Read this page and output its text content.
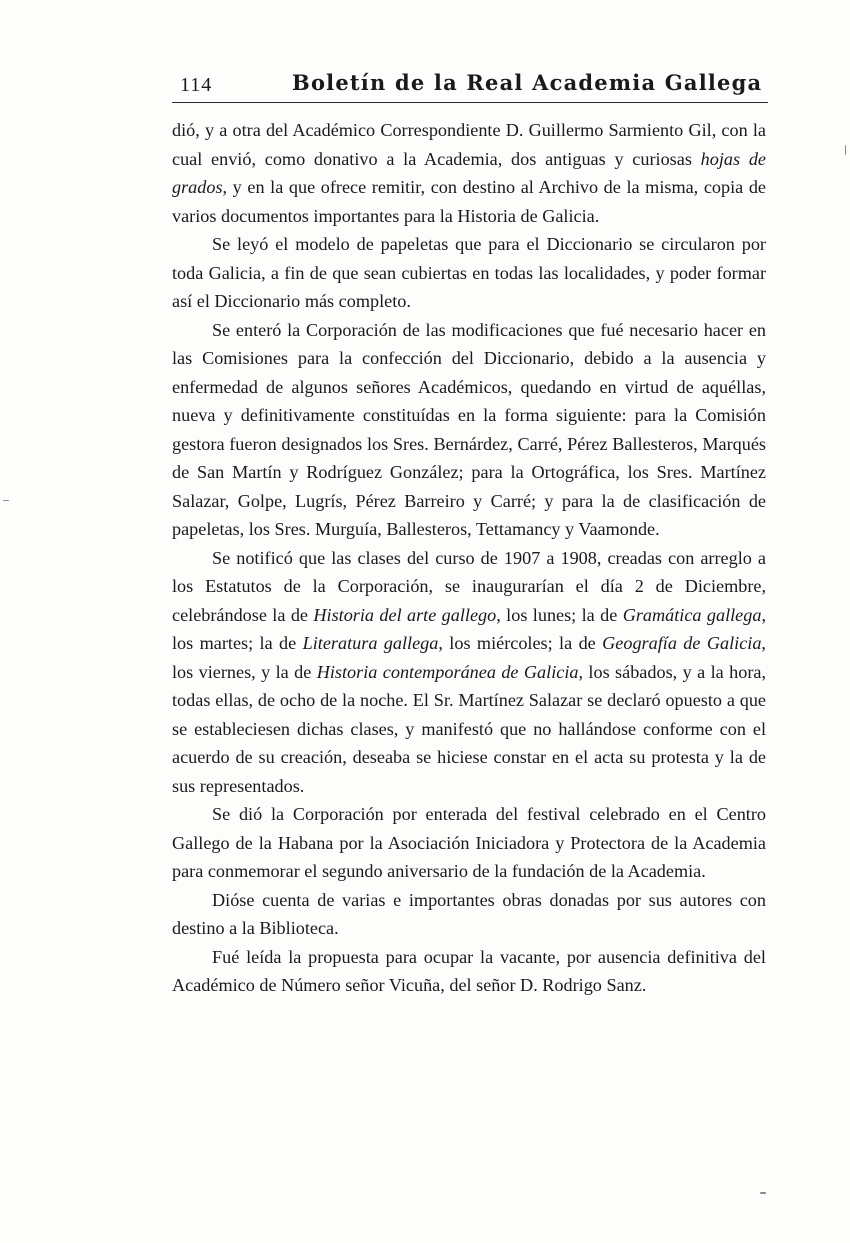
114	Boletín de la Real Academia Gallega

dió, y a otra del Académico Correspondiente D. Guillermo Sarmiento Gil, con la cual envió, como donativo a la Academia, dos antiguas y curiosas hojas de grados, y en la que ofrece remitir, con destino al Archivo de la misma, copia de varios documentos importantes para la Historia de Galicia.

Se leyó el modelo de papeletas que para el Diccionario se circularon por toda Galicia, a fin de que sean cubiertas en todas las localidades, y poder formar así el Diccionario más completo.

Se enteró la Corporación de las modificaciones que fué necesario hacer en las Comisiones para la confección del Diccionario, debido a la ausencia y enfermedad de algunos señores Académicos, quedando en virtud de aquéllas, nueva y definitivamente constituídas en la forma siguiente: para la Comisión gestora fueron designados los Sres. Bernárdez, Carré, Pérez Ballesteros, Marqués de San Martín y Rodríguez González; para la Ortográfica, los Sres. Martínez Salazar, Golpe, Lugrís, Pérez Barreiro y Carré; y para la de clasificación de papeletas, los Sres. Murguía, Ballesteros, Tettamancy y Vaamonde.

Se notificó que las clases del curso de 1907 a 1908, creadas con arreglo a los Estatutos de la Corporación, se inaugurarían el día 2 de Diciembre, celebrándose la de Historia del arte gallego, los lunes; la de Gramática gallega, los martes; la de Literatura gallega, los miércoles; la de Geografía de Galicia, los viernes, y la de Historia contemporánea de Galicia, los sábados, y a la hora, todas ellas, de ocho de la noche. El Sr. Martínez Salazar se declaró opuesto a que se estableciesen dichas clases, y manifestó que no hallándose conforme con el acuerdo de su creación, deseaba se hiciese constar en el acta su protesta y la de sus representados.

Se dió la Corporación por enterada del festival celebrado en el Centro Gallego de la Habana por la Asociación Iniciadora y Protectora de la Academia para conmemorar el segundo aniversario de la fundación de la Academia.

Dióse cuenta de varias e importantes obras donadas por sus autores con destino a la Biblioteca.

Fué leída la propuesta para ocupar la vacante, por ausencia definitiva del Académico de Número señor Vicuña, del señor D. Rodrigo Sanz.
